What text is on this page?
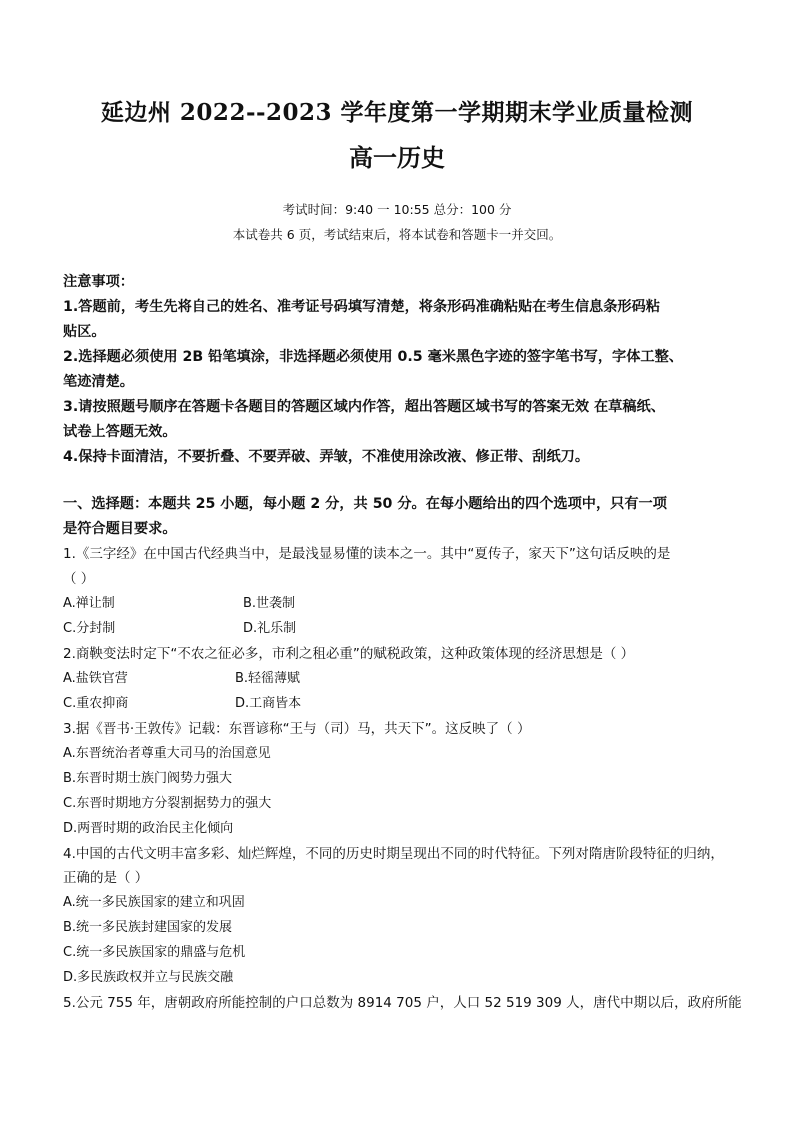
延边州 2022--2023 学年度第一学期期末学业质量检测
高一历史
考试时间：9:40 一 10:55 总分：100 分
本试卷共 6 页，考试结束后，将本试卷和答题卡一并交回。
注意事项：
1.答题前，考生先将自己的姓名、准考证号码填写清楚，将条形码准确粘贴在考生信息条形码粘
贴区。
2.选择题必须使用 2B 铅笔填涂，非选择题必须使用 0.5 毫米黑色字迹的签字笔书写，字体工整、
笔迹清楚。
3.请按照题号顺序在答题卡各题目的答题区域内作答，超出答题区域书写的答案无效 在草稿纸、
试卷上答题无效。
4.保持卡面清洁，不要折叠、不要弄破、弄皱，不准使用涂改液、修正带、刮纸刀。
一、选择题：本题共 25 小题，每小题 2 分，共 50 分。在每小题给出的四个选项中，只有一项
是符合题目要求。
1.《三字经》在中国古代经典当中，是最浅显易懂的读本之一。其中“夏传子，家天下”这句话反映的是
（ ）
A.禅让制	B.世袭制
C.分封制	D.礼乐制
2.商鞅变法时定下“不农之征必多，市利之租必重”的赋税政策，这种政策体现的经济思想是（ ）
A.盐铁官营	B.轻徭薄赋
C.重农抑商	D.工商皆本
3.据《晋书·王敦传》记载：东晋谚称“王与（司）马，共天下”。这反映了（ ）
A.东晋统治者尊重大司马的治国意见
B.东晋时期士族门阀势力强大
C.东晋时期地方分裂割据势力的强大
D.两晋时期的政治民主化倾向
4.中国的古代文明丰富多彩、灿烂辉煌，不同的历史时期呈现出不同的时代特征。下列对隋唐阶段特征的归纳，
正确的是（ ）
A.统一多民族国家的建立和巩固
B.统一多民族封建国家的发展
C.统一多民族国家的鼎盛与危机
D.多民族政权并立与民族交融
5.公元 755 年，唐朝政府所能控制的户口总数为 8914 705 户，人口 52 519 309 人，唐代中期以后，政府所能
